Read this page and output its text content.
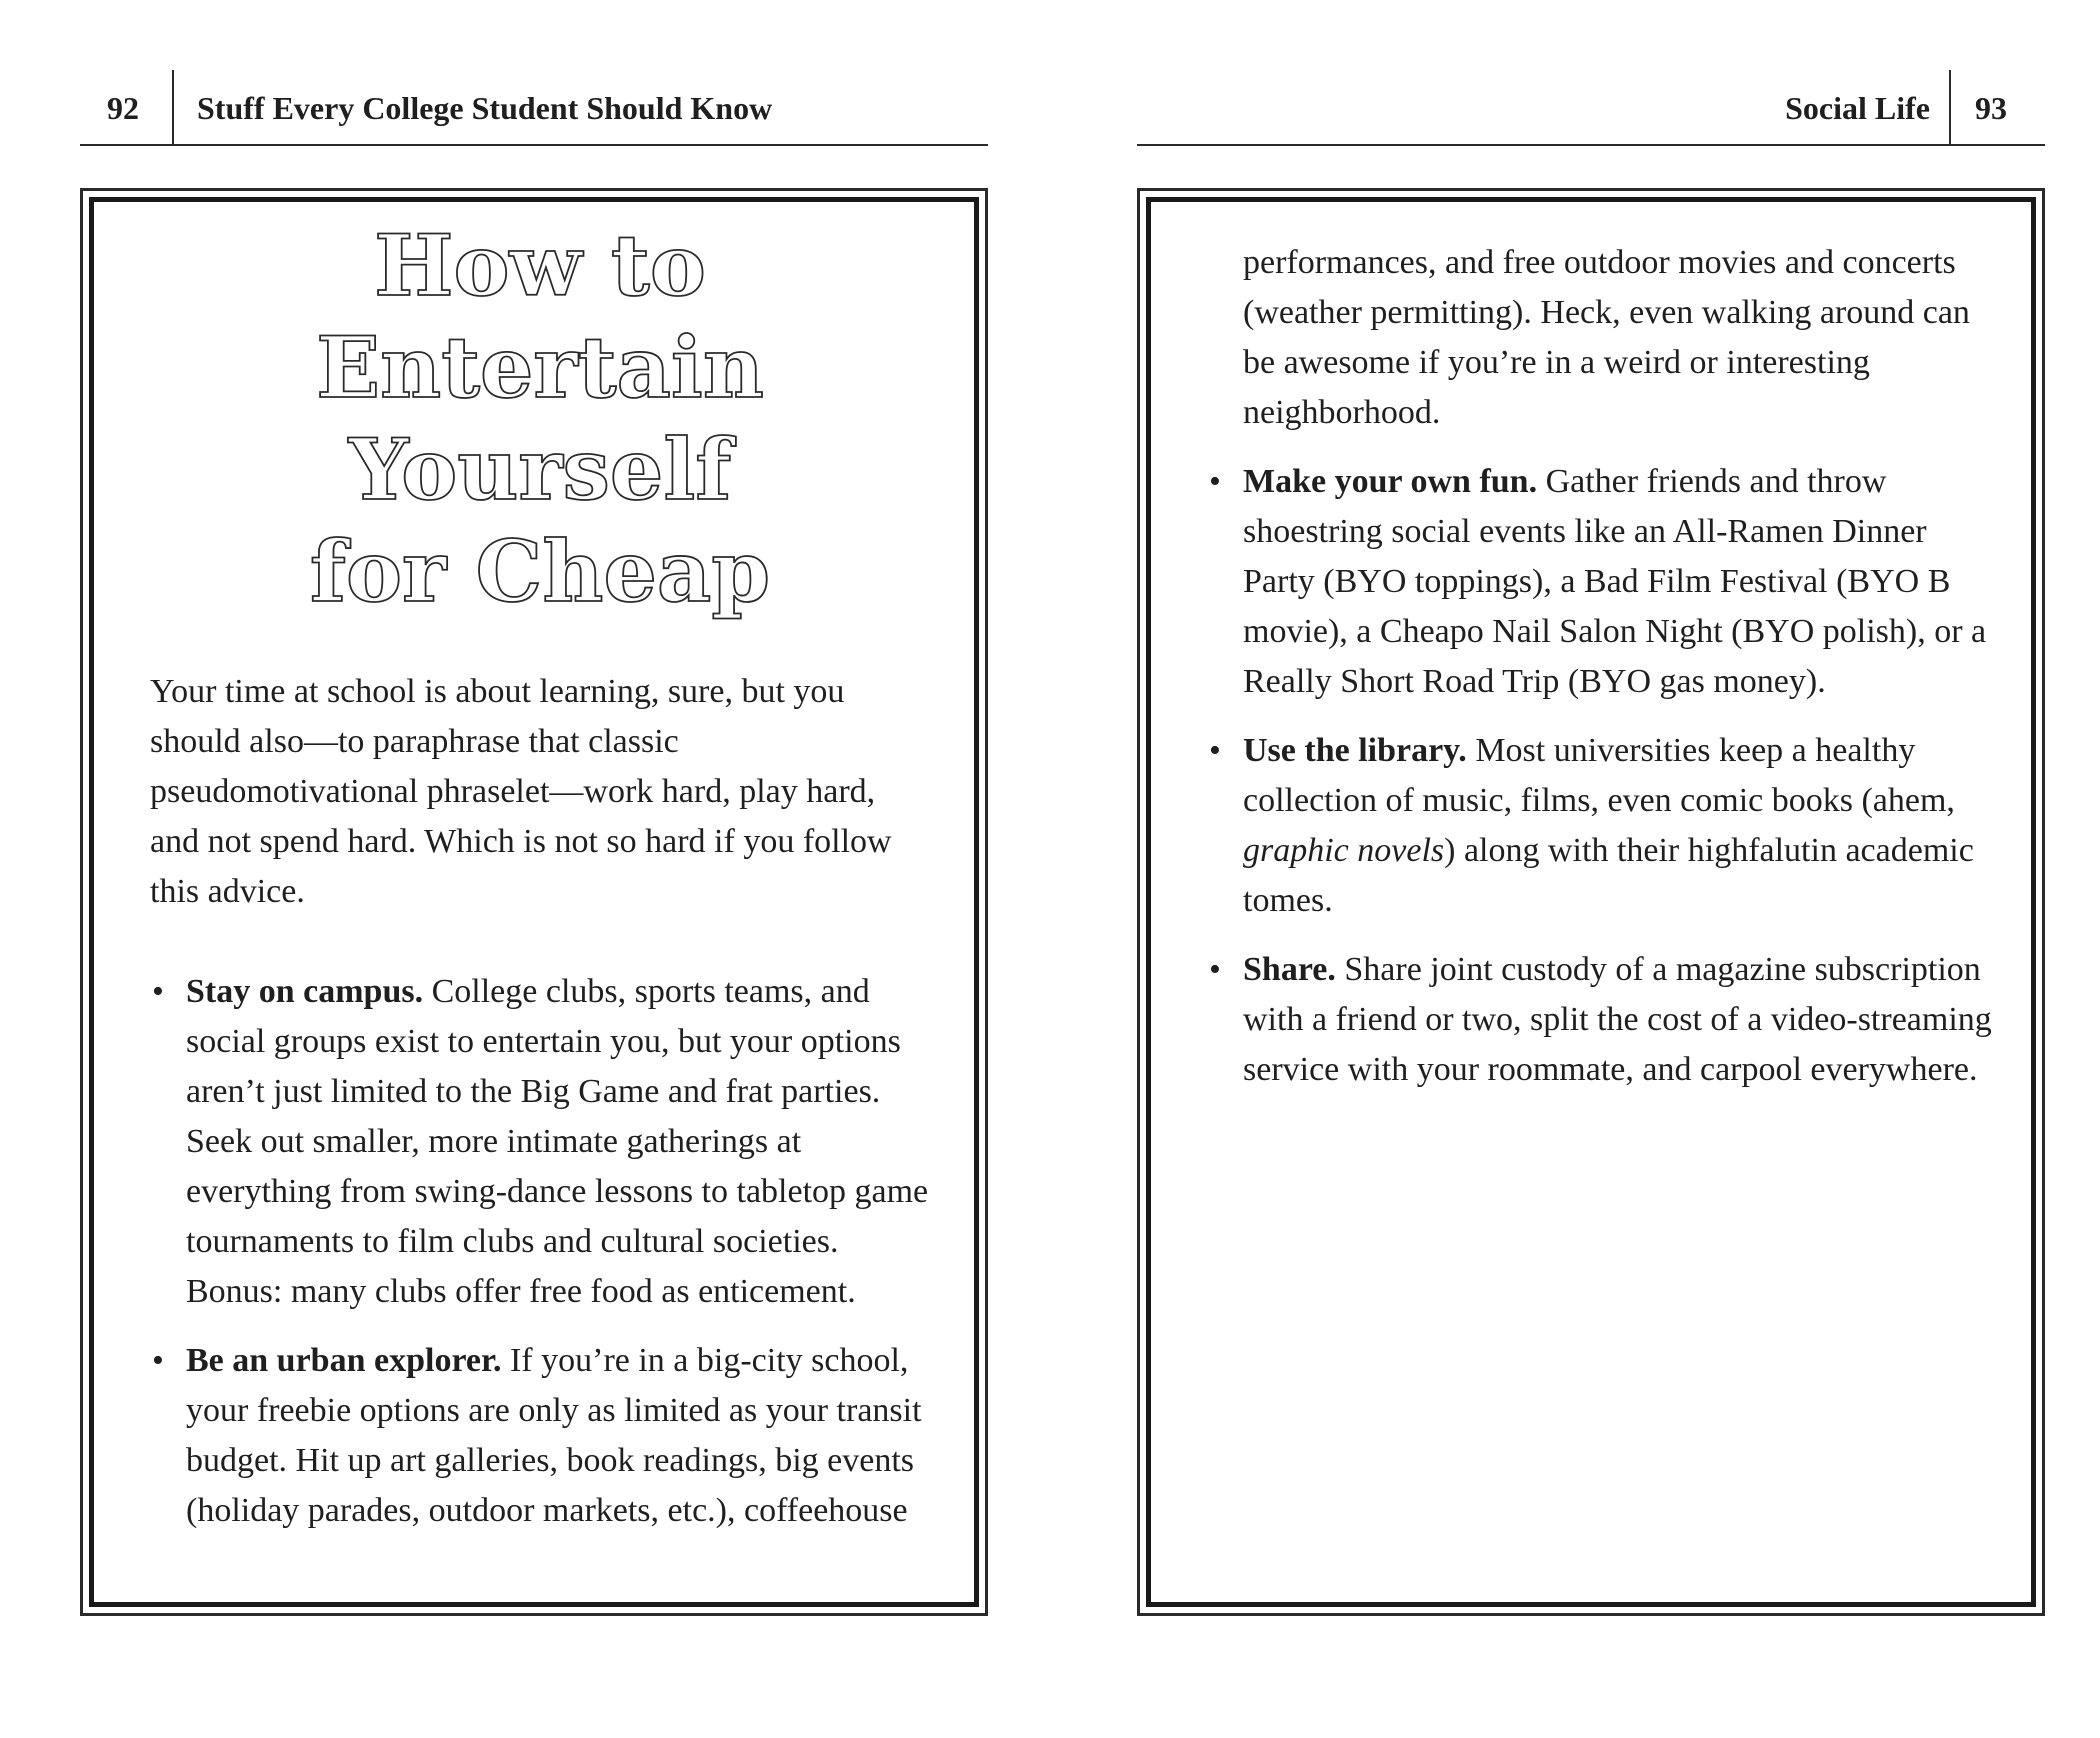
92 Stuff Every College Student Should Know
How to Entertain
Yourself
for Cheap

Your time at school is about learning, sure, but you should also—to paraphrase that classic pseudomotivational phraselet—work hard, play hard, and not spend hard. Which is not so hard if you follow this advice.

• Stay on campus. College clubs, sports teams, and social groups exist to entertain you, but your options aren’t just limited to the Big Game and frat parties. Seek out smaller, more intimate gatherings at everything from swing-dance lessons to tabletop game tournaments to film clubs and cultural societies. Bonus: many clubs offer free food as enticement.
• Be an urban explorer. If you’re in a big-city school, your freebie options are only as limited as your transit budget. Hit up art galleries, book readings, big events (holiday parades, outdoor markets, etc.), coffeehouse
Social Life 93

performances, and free outdoor movies and concerts (weather permitting). Heck, even walking around can be awesome if you’re in a weird or interesting neighborhood.

• Make your own fun. Gather friends and throw shoestring social events like an All-Ramen Dinner Party (BYO toppings), a Bad Film Festival (BYO B movie), a Cheapo Nail Salon Night (BYO polish), or a Really Short Road Trip (BYO gas money).
• Use the library. Most universities keep a healthy collection of music, films, even comic books (ahem, graphic novels) along with their highfalutin academic tomes.
• Share. Share joint custody of a magazine subscription with a friend or two, split the cost of a video-streaming service with your roommate, and carpool everywhere.
